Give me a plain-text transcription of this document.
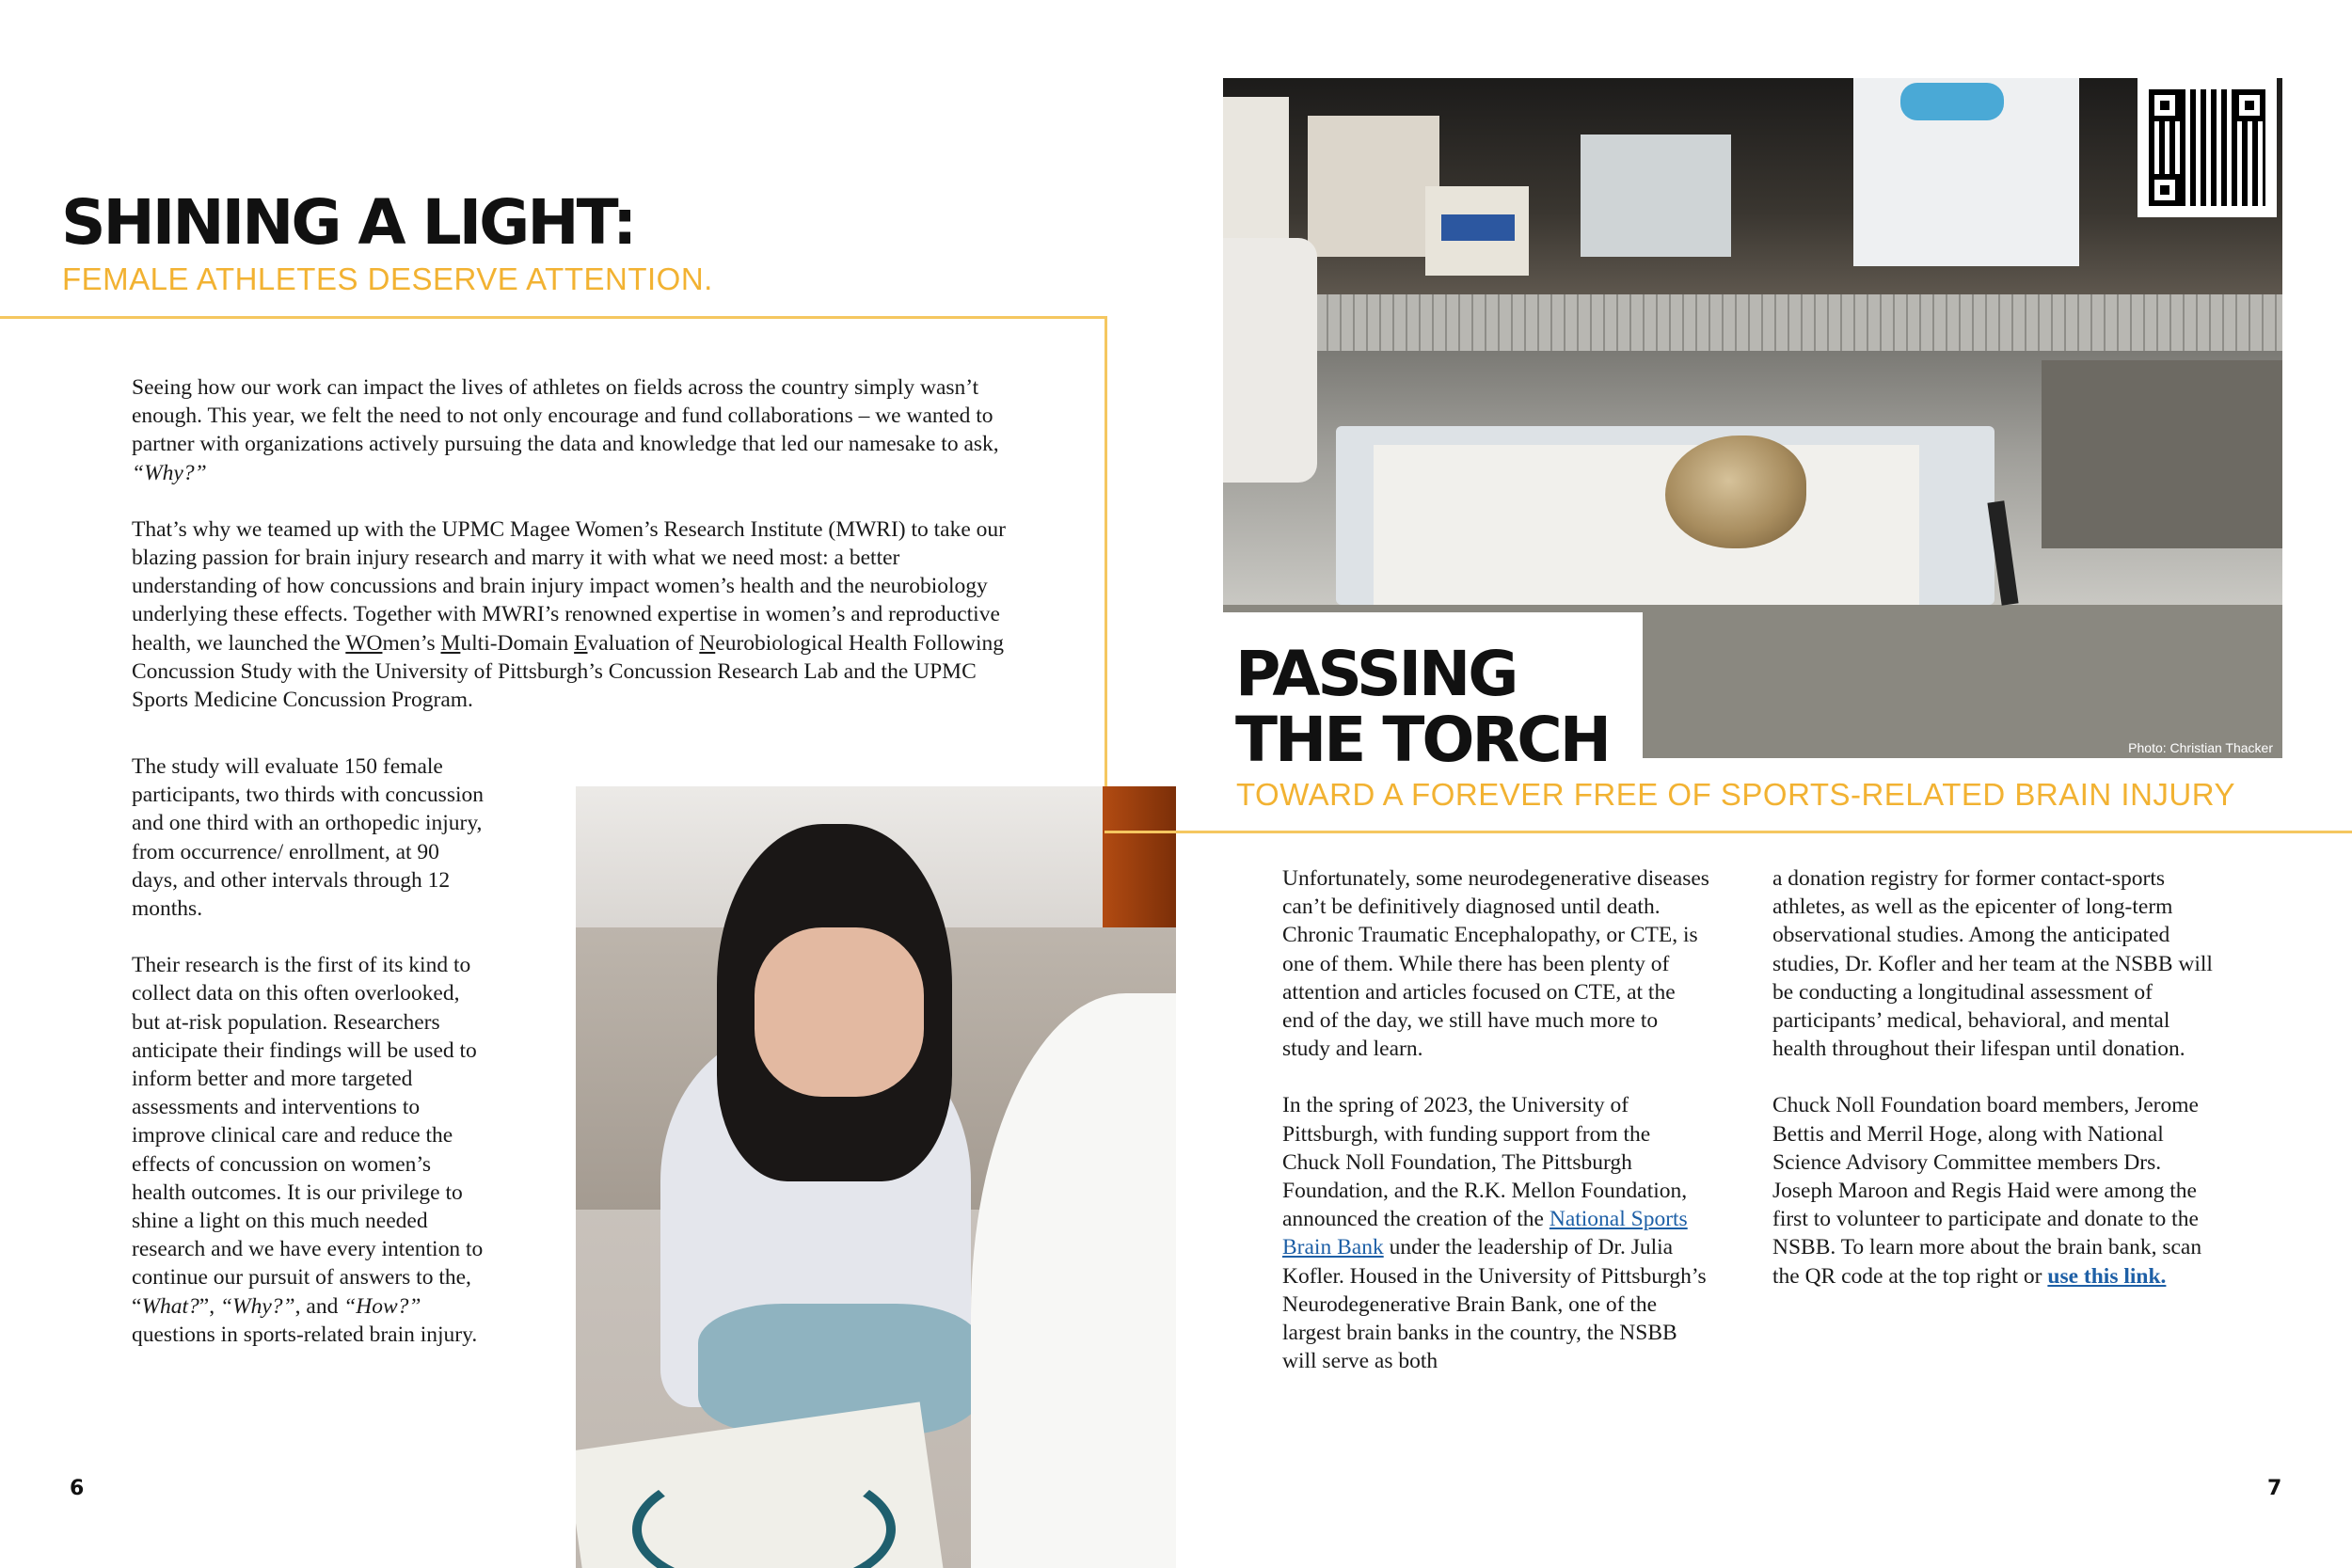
SHINING A LIGHT:
FEMALE ATHLETES DESERVE ATTENTION.

Seeing how our work can impact the lives of athletes on fields across the country simply wasn’t enough. This year, we felt the need to not only encourage and fund collaborations – we wanted to partner with organizations actively pursuing the data and knowledge that led our namesake to ask, “Why?”

That’s why we teamed up with the UPMC Magee Women’s Research Institute (MWRI) to take our blazing passion for brain injury research and marry it with what we need most: a better understanding of how concussions and brain injury impact women’s health and the neurobiology underlying these effects. Together with MWRI’s renowned expertise in women’s and reproductive health, we launched the WOmen’s Multi-Domain Evaluation of Neurobiological Health Following Concussion Study with the University of Pittsburgh’s Concussion Research Lab and the UPMC Sports Medicine Concussion Program.

The study will evaluate 150 female participants, two thirds with concussion and one third with an orthopedic injury, from occurrence/ enrollment, at 90 days, and other intervals through 12 months.

Their research is the first of its kind to collect data on this often overlooked, but at-risk population. Researchers anticipate their findings will be used to inform better and more targeted assessments and interventions to improve clinical care and reduce the effects of concussion on women’s health outcomes. It is our privilege to shine a light on this much needed research and we have every intention to continue our pursuit of answers to the, “What?”, “Why?”, and “How?” questions in sports-related brain injury.

6
Photo: Christian Thacker
PASSING
THE TORCH
TOWARD A FOREVER FREE OF SPORTS-RELATED BRAIN INJURY

Unfortunately, some neurodegenerative diseases can’t be definitively diagnosed until death. Chronic Traumatic Encephalopathy, or CTE, is one of them. While there has been plenty of attention and articles focused on CTE, at the end of the day, we still have much more to study and learn.

In the spring of 2023, the University of Pittsburgh, with funding support from the Chuck Noll Foundation, The Pittsburgh Foundation, and the R.K. Mellon Foundation, announced the creation of the National Sports Brain Bank under the leadership of Dr. Julia Kofler. Housed in the University of Pittsburgh’s Neurodegenerative Brain Bank, one of the largest brain banks in the country, the NSBB will serve as both

a donation registry for former contact-sports athletes, as well as the epicenter of long-term observational studies. Among the anticipated studies, Dr. Kofler and her team at the NSBB will be conducting a longitudinal assessment of participants’ medical, behavioral, and mental health throughout their lifespan until donation.

Chuck Noll Foundation board members, Jerome Bettis and Merril Hoge, along with National Science Advisory Committee members Drs. Joseph Maroon and Regis Haid were among the first to volunteer to participate and donate to the NSBB. To learn more about the brain bank, scan the QR code at the top right or use this link.

7
